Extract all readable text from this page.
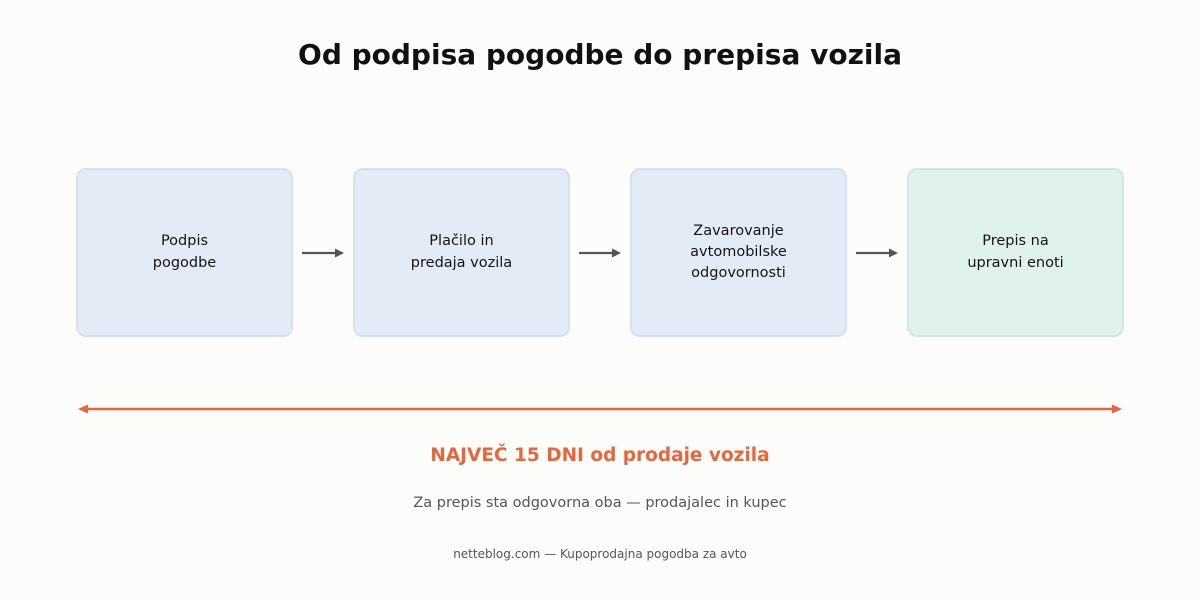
Od podpisa pogodbe do prepisa vozila
Podpis
pogodbe
Plačilo in
predaja vozila
Zavarovanje
avtomobilske
odgovornosti
Prepis na
upravni enoti
NAJVEČ 15 DNI od prodaje vozila
Za prepis sta odgovorna oba — prodajalec in kupec
netteblog.com — Kupoprodajna pogodba za avto
